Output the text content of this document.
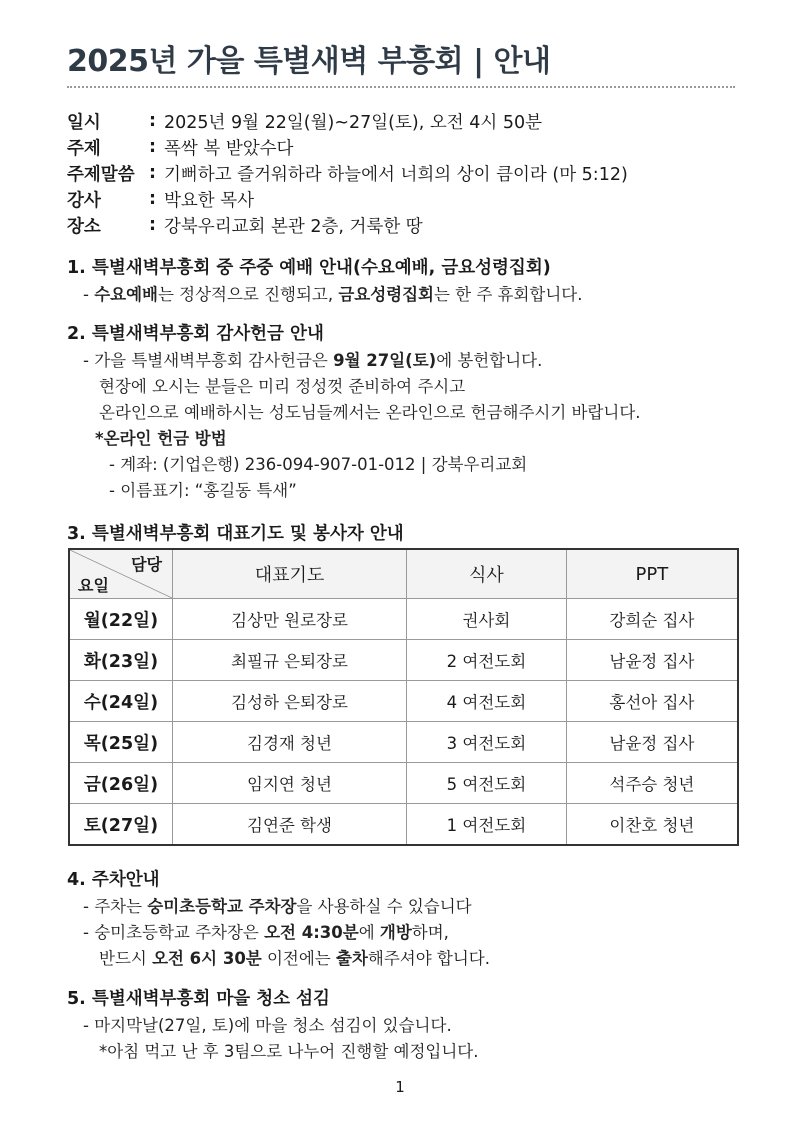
2025년 가을 특별새벽 부흥회 | 안내
일시	: 2025년 9월 22일(월)~27일(토), 오전 4시 50분
주제	: 폭싹 복 받았수다
주제말씀 : 기뻐하고 즐거워하라 하늘에서 너희의 상이 큼이라 (마 5:12)
강사	: 박요한 목사
장소	: 강북우리교회 본관 2층, 거룩한 땅
1. 특별새벽부흥회 중 주중 예배 안내(수요예배, 금요성령집회)
- 수요예배는 정상적으로 진행되고, 금요성령집회는 한 주 휴회합니다.
2. 특별새벽부흥회 감사헌금 안내
- 가을 특별새벽부흥회 감사헌금은 9월 27일(토)에 봉헌합니다.
현장에 오시는 분들은 미리 정성껏 준비하여 주시고
온라인으로 예배하시는 성도님들께서는 온라인으로 헌금해주시기 바랍니다.
*온라인 헌금 방법
- 계좌: (기업은행) 236-094-907-01-012 | 강북우리교회
- 이름표기: “홍길동 특새”
3. 특별새벽부흥회 대표기도 및 봉사자 안내
담당
요일	대표기도	식사	PPT
월(22일)	김상만 원로장로	권사회	강희순 집사
화(23일)	최필규 은퇴장로	2 여전도회	남윤정 집사
수(24일)	김성하 은퇴장로	4 여전도회	홍선아 집사
목(25일)	김경재 청년	3 여전도회	남윤정 집사
금(26일)	임지연 청년	5 여전도회	석주승 청년
토(27일)	김연준 학생	1 여전도회	이찬호 청년
4. 주차안내
- 주차는 숭미초등학교 주차장을 사용하실 수 있습니다
- 숭미초등학교 주차장은 오전 4:30분에 개방하며,
반드시 오전 6시 30분 이전에는 출차해주셔야 합니다.
5. 특별새벽부흥회 마을 청소 섬김
- 마지막날(27일, 토)에 마을 청소 섬김이 있습니다.
*아침 먹고 난 후 3팀으로 나누어 진행할 예정입니다.
1
